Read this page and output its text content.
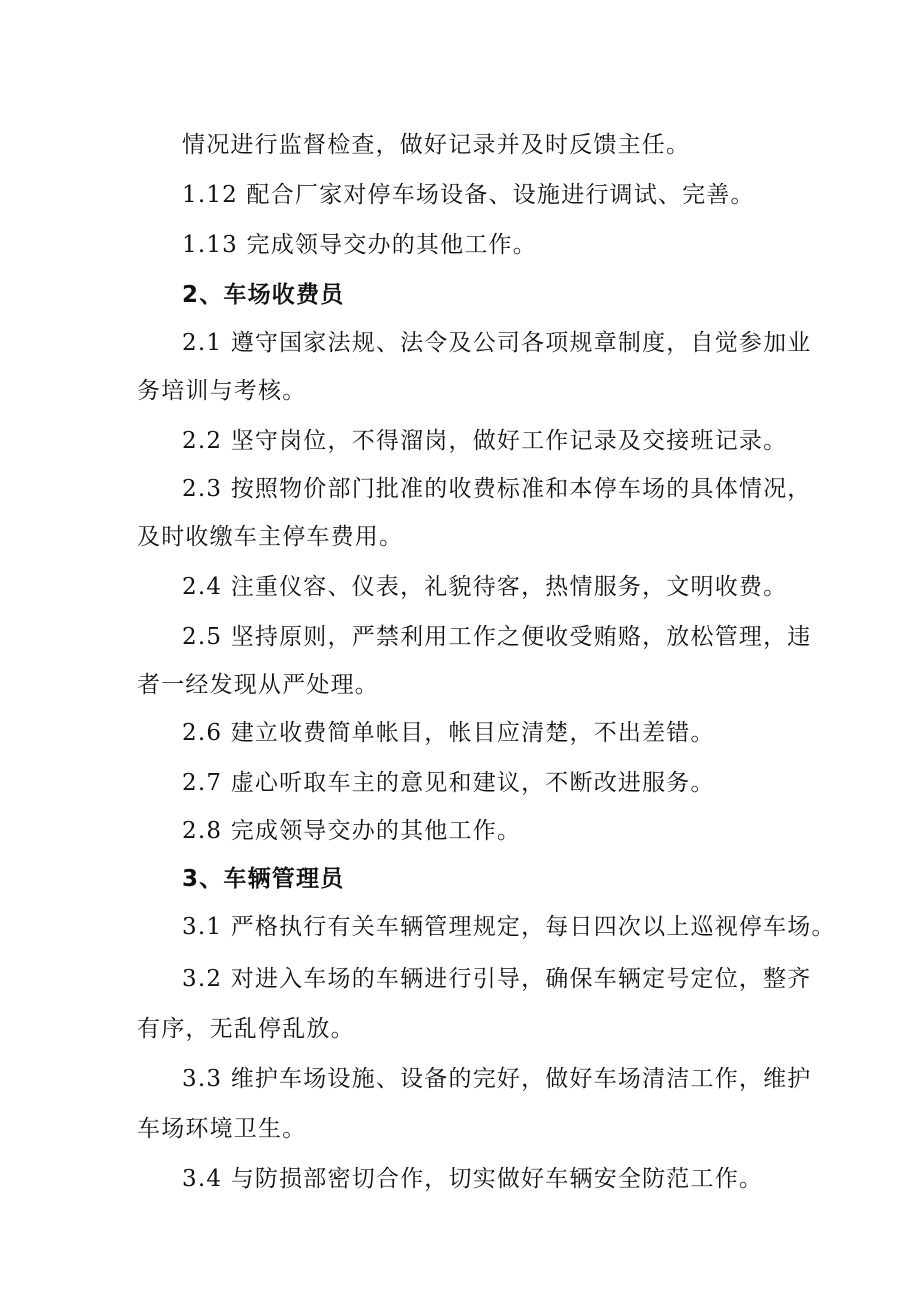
情况进行监督检查，做好记录并及时反馈主任。
1.12 配合厂家对停车场设备、设施进行调试、完善。
1.13 完成领导交办的其他工作。
2、车场收费员
2.1 遵守国家法规、法令及公司各项规章制度，自觉参加业
务培训与考核。
2.2 坚守岗位，不得溜岗，做好工作记录及交接班记录。
2.3 按照物价部门批准的收费标准和本停车场的具体情况，
及时收缴车主停车费用。
2.4 注重仪容、仪表，礼貌待客，热情服务，文明收费。
2.5 坚持原则，严禁利用工作之便收受贿赂，放松管理，违
者一经发现从严处理。
2.6 建立收费简单帐目，帐目应清楚，不出差错。
2.7 虚心听取车主的意见和建议，不断改进服务。
2.8 完成领导交办的其他工作。
3、车辆管理员
3.1 严格执行有关车辆管理规定，每日四次以上巡视停车场。
3.2 对进入车场的车辆进行引导，确保车辆定号定位，整齐
有序，无乱停乱放。
3.3 维护车场设施、设备的完好，做好车场清洁工作，维护
车场环境卫生。
3.4 与防损部密切合作，切实做好车辆安全防范工作。
